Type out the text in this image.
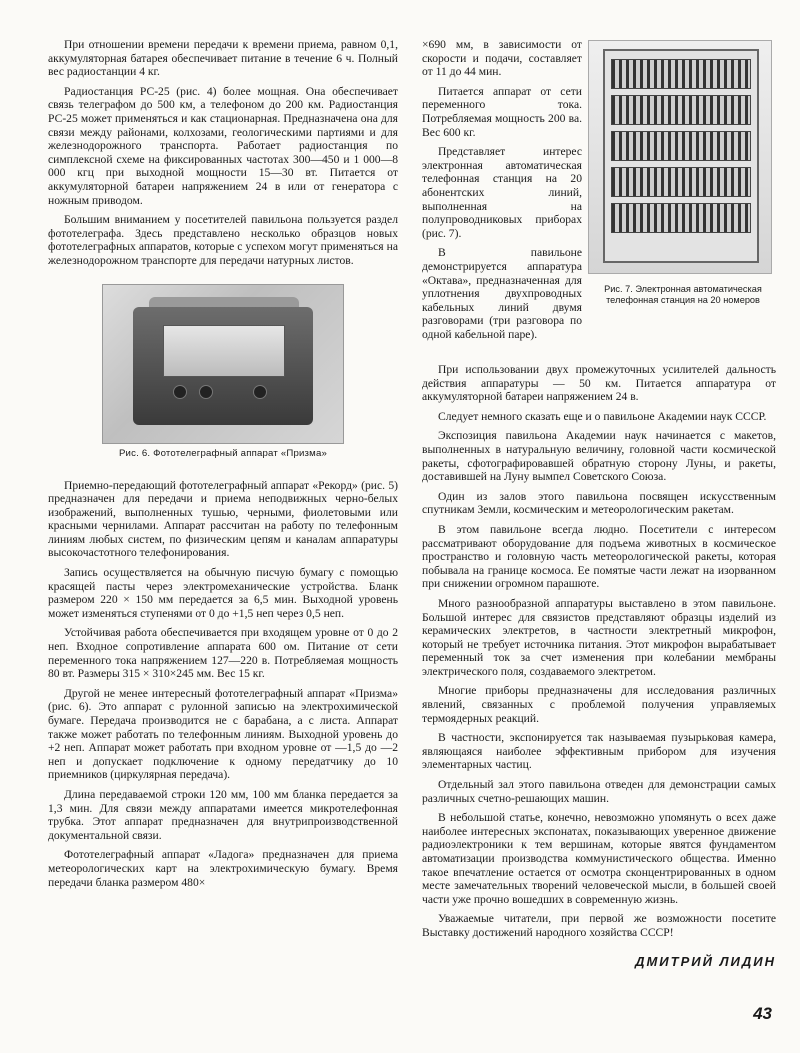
При отношении времени передачи к времени приема, равном 0,1, аккумуляторная батарея обеспечивает питание в течение 6 ч. Полный вес радиостанции 4 кг.

Радиостанция РС-25 (рис. 4) более мощная. Она обеспечивает связь телеграфом до 500 км, а телефоном до 200 км. Радиостанция РС-25 может применяться и как стационарная. Предназначена она для связи между районами, колхозами, геологическими партиями и для железнодорожного транспорта. Работает радиостанция по симплексной схеме на фиксированных частотах 300—450 и 1 000—8 000 кгц при выходной мощности 15—30 вт. Питается от аккумуляторной батареи напряжением 24 в или от генератора с ножным приводом.

Большим вниманием у посетителей павильона пользуется раздел фототелеграфа. Здесь представлено несколько образцов новых фототелеграфных аппаратов, которые с успехом могут применяться на железнодорожном транспорте для передачи натурных листов.

Рис. 6. Фототелеграфный аппарат «Призма»

Приемно-передающий фототелеграфный аппарат «Рекорд» (рис. 5) предназначен для передачи и приема неподвижных черно-белых изображений, выполненных тушью, черными, фиолетовыми или красными чернилами. Аппарат рассчитан на работу по телефонным линиям любых систем, по физическим цепям и каналам аппаратуры высокочастотного телефонирования.

Запись осуществляется на обычную писчую бумагу с помощью красящей пасты через электромеханические устройства. Бланк размером 220 × 150 мм передается за 6,5 мин. Выходной уровень может изменяться ступенями от 0 до +1,5 неп через 0,5 неп.

Устойчивая работа обеспечивается при входящем уровне от 0 до 2 неп. Входное сопротивление аппарата 600 ом. Питание от сети переменного тока напряжением 127—220 в. Потребляемая мощность 80 вт. Размеры 315 × 310×245 мм. Вес 15 кг.

Другой не менее интересный фототелеграфный аппарат «Призма» (рис. 6). Это аппарат с рулонной записью на электрохимической бумаге. Передача производится не с барабана, а с листа. Аппарат также может работать по телефонным линиям. Выходной уровень до +2 неп. Аппарат может работать при входном уровне от —1,5 до —2 неп и допускает подключение к одному передатчику до 10 приемников (циркулярная передача).

Длина передаваемой строки 120 мм, 100 мм бланка передается за 1,3 мин. Для связи между аппаратами имеется микротелефонная трубка. Этот аппарат предназначен для внутрипроизводственной документальной связи.

Фототелеграфный аппарат «Ладога» предназначен для приема метеорологических карт на электрохимическую бумагу. Время передачи бланка размером 480×

×690 мм, в зависимости от скорости и подачи, составляет от 11 до 44 мин.

Питается аппарат от сети переменного тока. Потребляемая мощность 200 ва. Вес 600 кг.

Представляет интерес электронная автоматическая телефонная станция на 20 абонентских линий, выполненная на полупроводниковых приборах (рис. 7).

В павильоне демонстрируется аппаратура «Октава», предназначенная для уплотнения двухпроводных кабельных линий двумя разговорами (три разговора по одной кабельной паре).

Рис. 7. Электронная автоматическая телефонная станция на 20 номеров

При использовании двух промежуточных усилителей дальность действия аппаратуры — 50 км. Питается аппаратура от аккумуляторной батареи напряжением 24 в.

Следует немного сказать еще и о павильоне Академии наук СССР.

Экспозиция павильона Академии наук начинается с макетов, выполненных в натуральную величину, головной части космической ракеты, сфотографировавшей обратную сторону Луны, и ракеты, доставившей на Луну вымпел Советского Союза.

Один из залов этого павильона посвящен искусственным спутникам Земли, космическим и метеорологическим ракетам.

В этом павильоне всегда людно. Посетители с интересом рассматривают оборудование для подъема животных в космическое пространство и головную часть метеорологической ракеты, которая побывала на границе космоса. Ее помятые части лежат на изорванном при снижении огромном парашюте.

Много разнообразной аппаратуры выставлено в этом павильоне. Большой интерес для связистов представляют образцы изделий из керамических электретов, в частности электретный микрофон, который не требует источника питания. Этот микрофон вырабатывает переменный ток за счет изменения при колебании мембраны электрического поля, создаваемого электретом.

Многие приборы предназначены для исследования различных явлений, связанных с проблемой получения управляемых термоядерных реакций.

В частности, экспонируется так называемая пузырьковая камера, являющаяся наиболее эффективным прибором для изучения элементарных частиц.

Отдельный зал этого павильона отведен для демонстрации самых различных счетно-решающих машин.

В небольшой статье, конечно, невозможно упомянуть о всех даже наиболее интересных экспонатах, показывающих уверенное движение радиоэлектроники к тем вершинам, которые явятся фундаментом автоматизации производства коммунистического общества. Именно такое впечатление остается от осмотра сконцентрированных в одном месте замечательных творений человеческой мысли, в большей своей части уже прочно вошедших в современную жизнь.

Уважаемые читатели, при первой же возможности посетите Выставку достижений народного хозяйства СССР!

ДМИТРИЙ ЛИДИН
43
